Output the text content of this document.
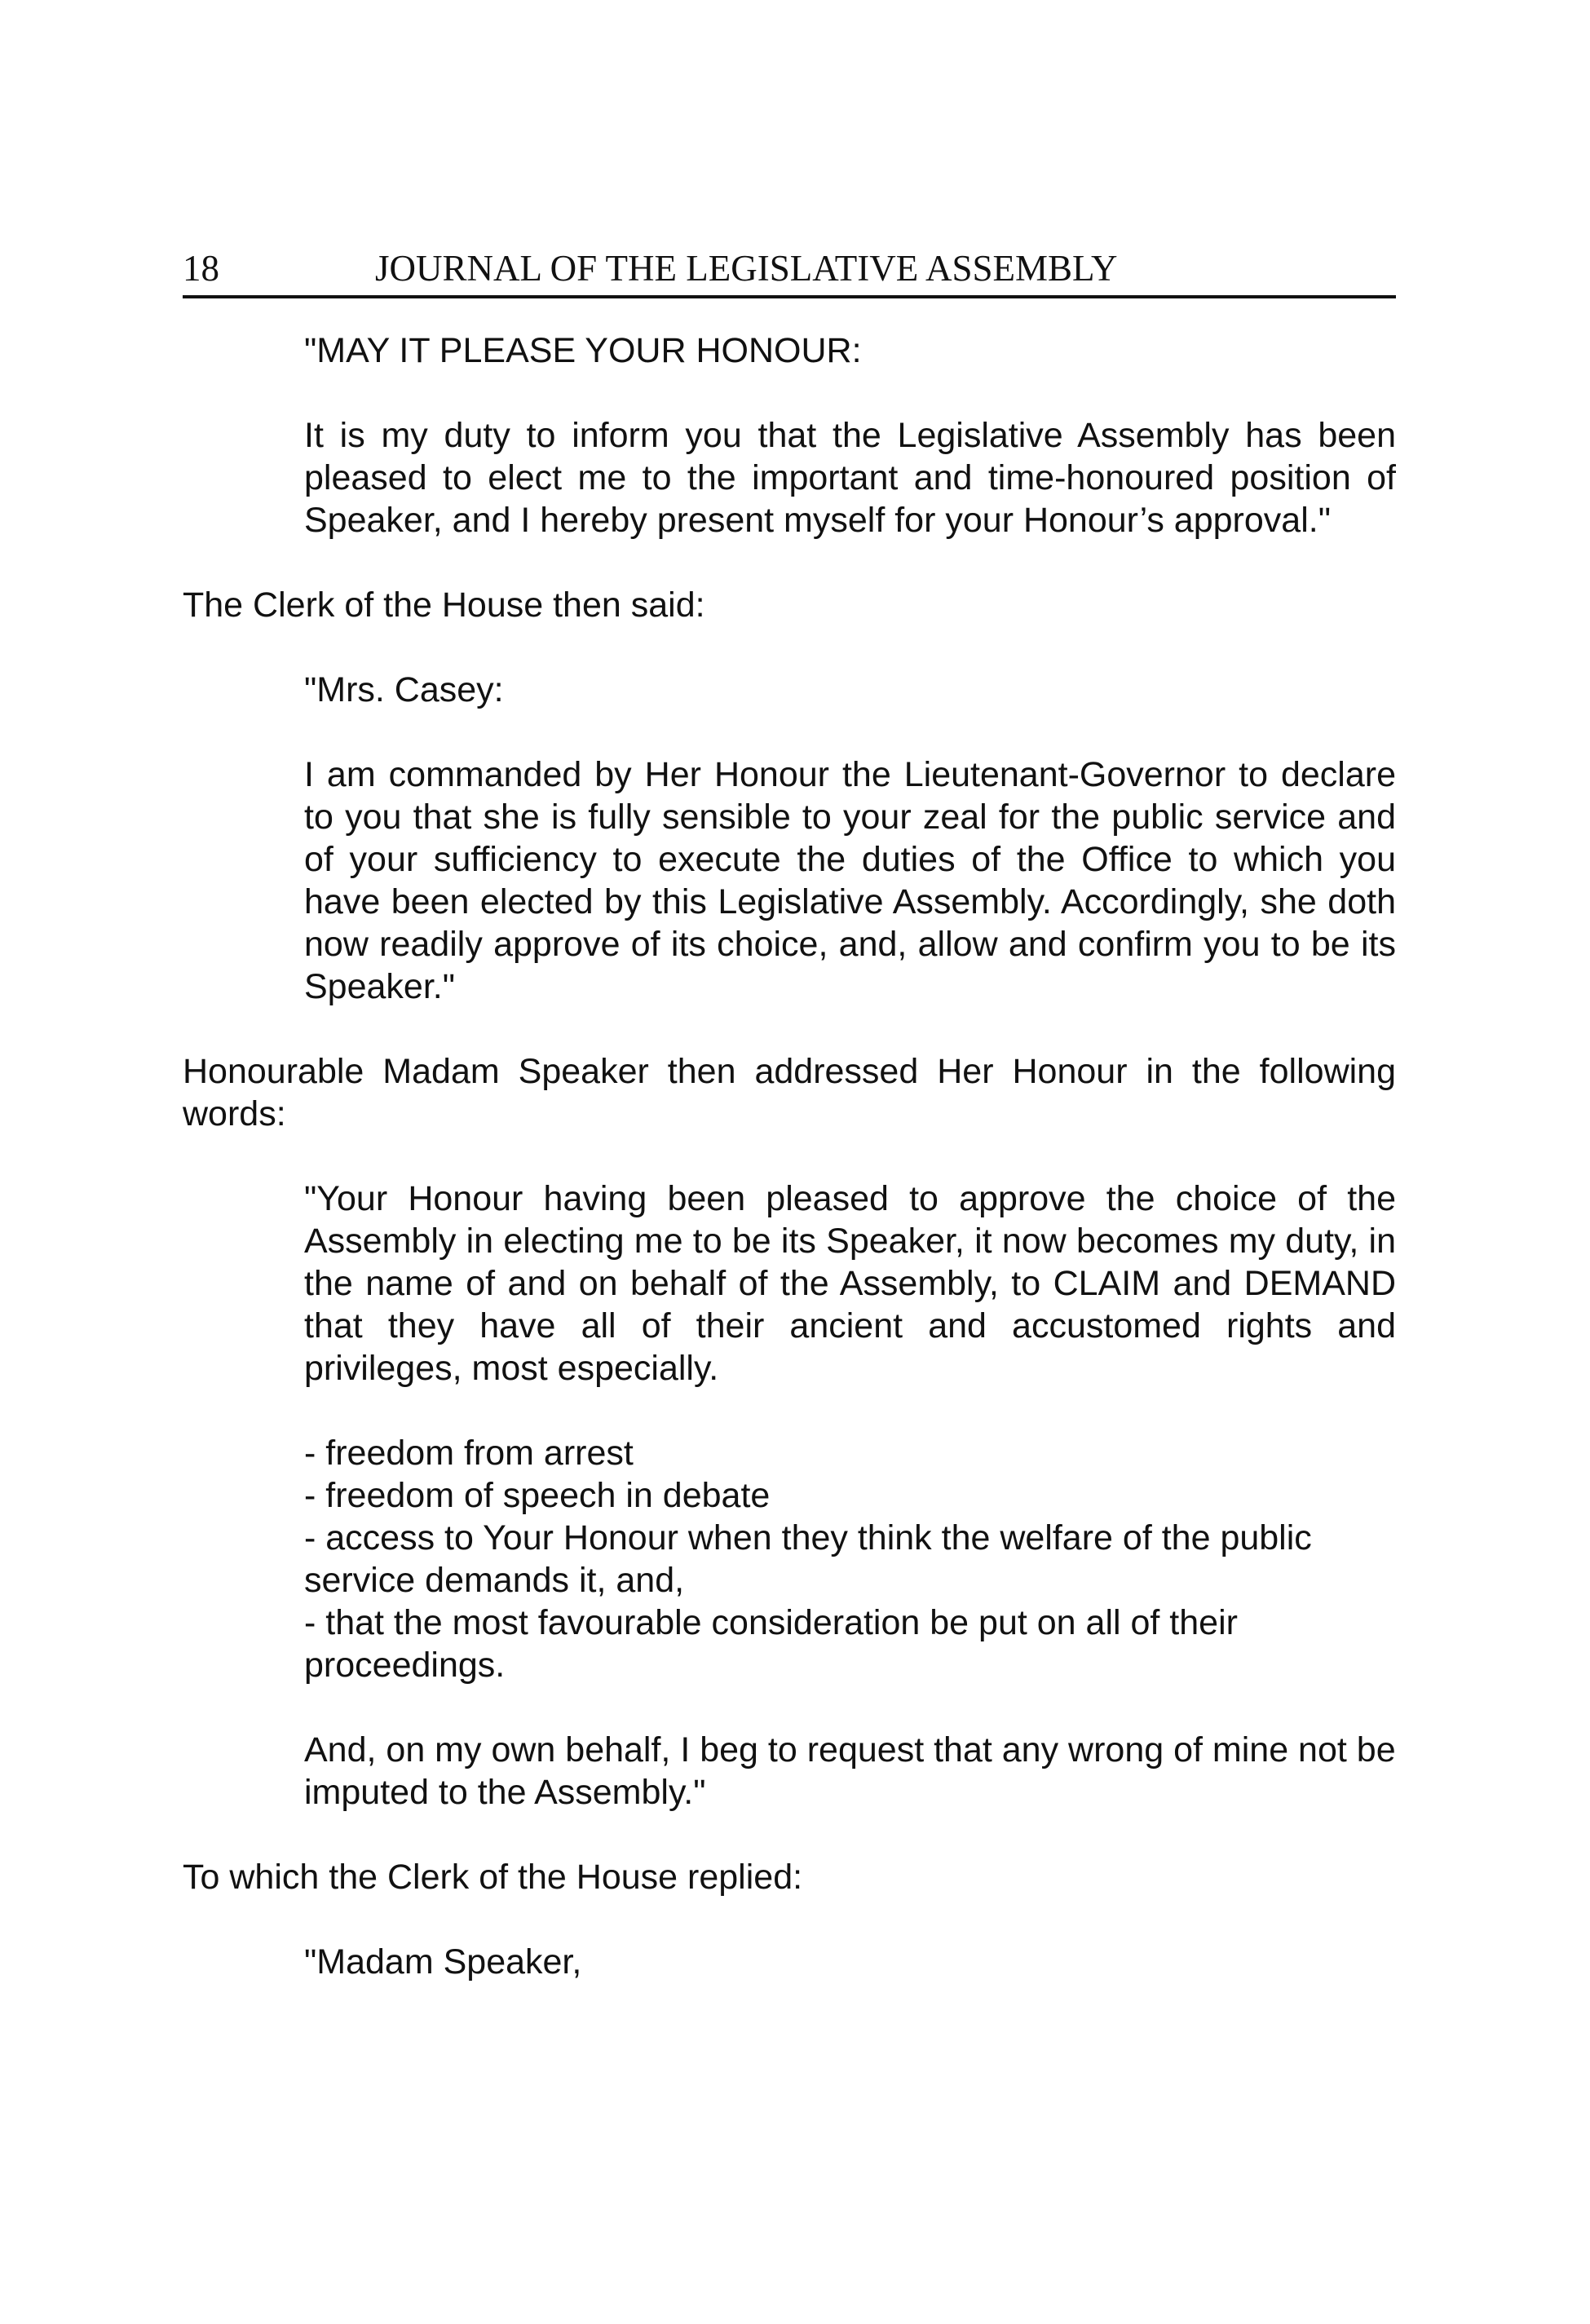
18	JOURNAL OF THE LEGISLATIVE ASSEMBLY

"MAY IT PLEASE YOUR HONOUR:

It is my duty to inform you that the Legislative Assembly has been pleased to elect me to the important and time-honoured position of Speaker, and I hereby present myself for your Honour’s approval."

The Clerk of the House then said:

"Mrs. Casey:

I am commanded by Her Honour the Lieutenant-Governor to declare to you that she is fully sensible to your zeal for the public service and of your sufficiency to execute the duties of the Office to which you have been elected by this Legislative Assembly. Accordingly, she doth now readily approve of its choice, and, allow and confirm you to be its Speaker."

Honourable Madam Speaker then addressed Her Honour in the following words:

"Your Honour having been pleased to approve the choice of the Assembly in electing me to be its Speaker, it now becomes my duty, in the name of and on behalf of the Assembly, to CLAIM and DEMAND that they have all of their ancient and accustomed rights and privileges, most especially.

- freedom from arrest
- freedom of speech in debate
- access to Your Honour when they think the welfare of the public service demands it, and,
- that the most favourable consideration be put on all of their proceedings.

And, on my own behalf, I beg to request that any wrong of mine not be imputed to the Assembly."

To which the Clerk of the House replied:

"Madam Speaker,
